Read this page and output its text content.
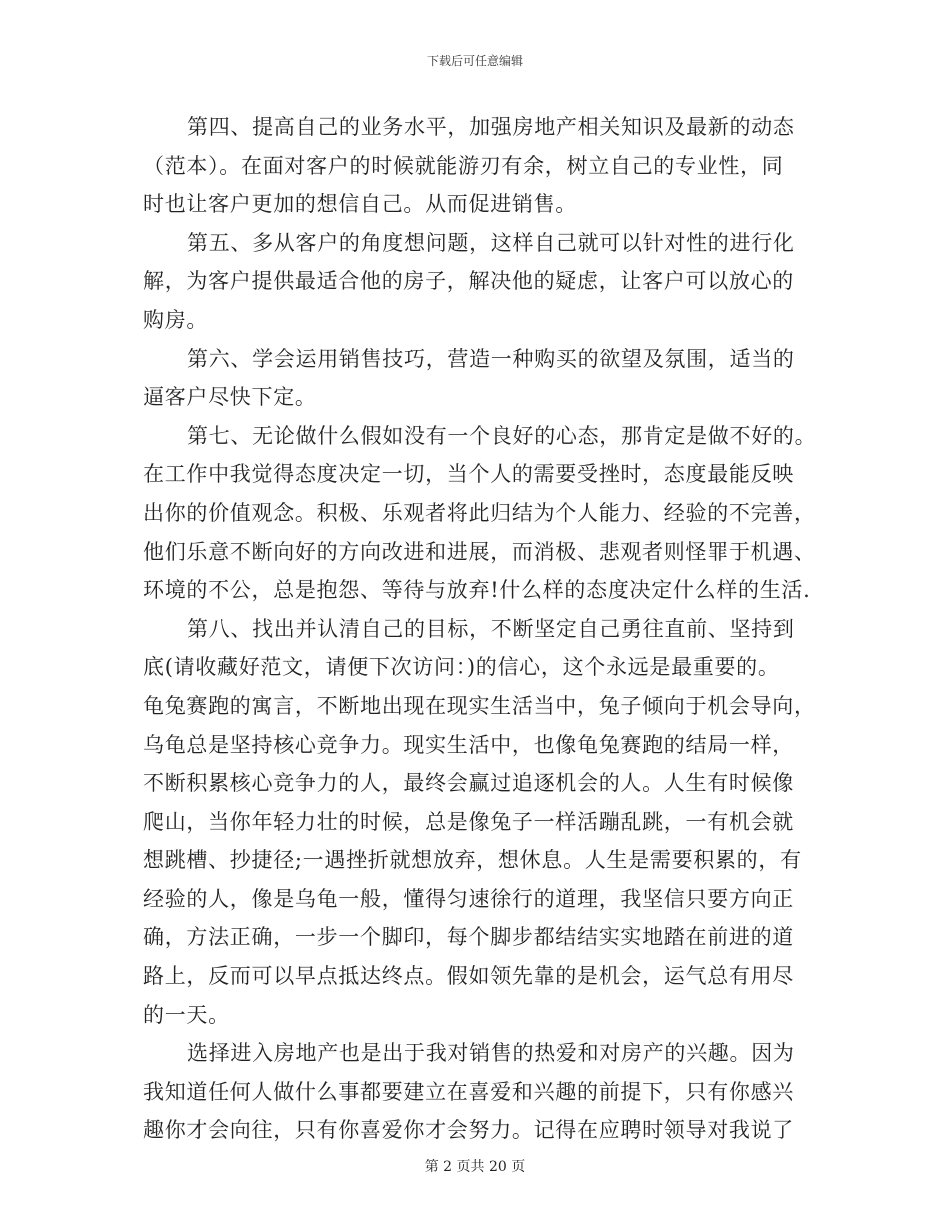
下载后可任意编辑
第四、提高自己的业务水平，加强房地产相关知识及最新的动态
（范本）。在面对客户的时候就能游刃有余，树立自己的专业性，同
时也让客户更加的想信自己。从而促进销售。
第五、多从客户的角度想问题，这样自己就可以针对性的进行化
解，为客户提供最适合他的房子，解决他的疑虑，让客户可以放心的
购房。
第六、学会运用销售技巧，营造一种购买的欲望及氛围，适当的
逼客户尽快下定。
第七、无论做什么假如没有一个良好的心态，那肯定是做不好的。
在工作中我觉得态度决定一切，当个人的需要受挫时，态度最能反映
出你的价值观念。积极、乐观者将此归结为个人能力、经验的不完善，
他们乐意不断向好的方向改进和进展，而消极、悲观者则怪罪于机遇、
环境的不公，总是抱怨、等待与放弃!什么样的态度决定什么样的生活.
第八、找出并认清自己的目标，不断坚定自己勇往直前、坚持到
底(请收藏好范文，请便下次访问：)的信心，这个永远是最重要的。
龟兔赛跑的寓言，不断地出现在现实生活当中，兔子倾向于机会导向，
乌龟总是坚持核心竞争力。现实生活中，也像龟兔赛跑的结局一样，
不断积累核心竞争力的人，最终会赢过追逐机会的人。人生有时候像
爬山，当你年轻力壮的时候，总是像兔子一样活蹦乱跳，一有机会就
想跳槽、抄捷径;一遇挫折就想放弃，想休息。人生是需要积累的，有
经验的人，像是乌龟一般，懂得匀速徐行的道理，我坚信只要方向正
确，方法正确，一步一个脚印，每个脚步都结结实实地踏在前进的道
路上，反而可以早点抵达终点。假如领先靠的是机会，运气总有用尽
的一天。
选择进入房地产也是出于我对销售的热爱和对房产的兴趣。因为
我知道任何人做什么事都要建立在喜爱和兴趣的前提下，只有你感兴
趣你才会向往，只有你喜爱你才会努力。记得在应聘时领导对我说了
第 2 页共 20 页
